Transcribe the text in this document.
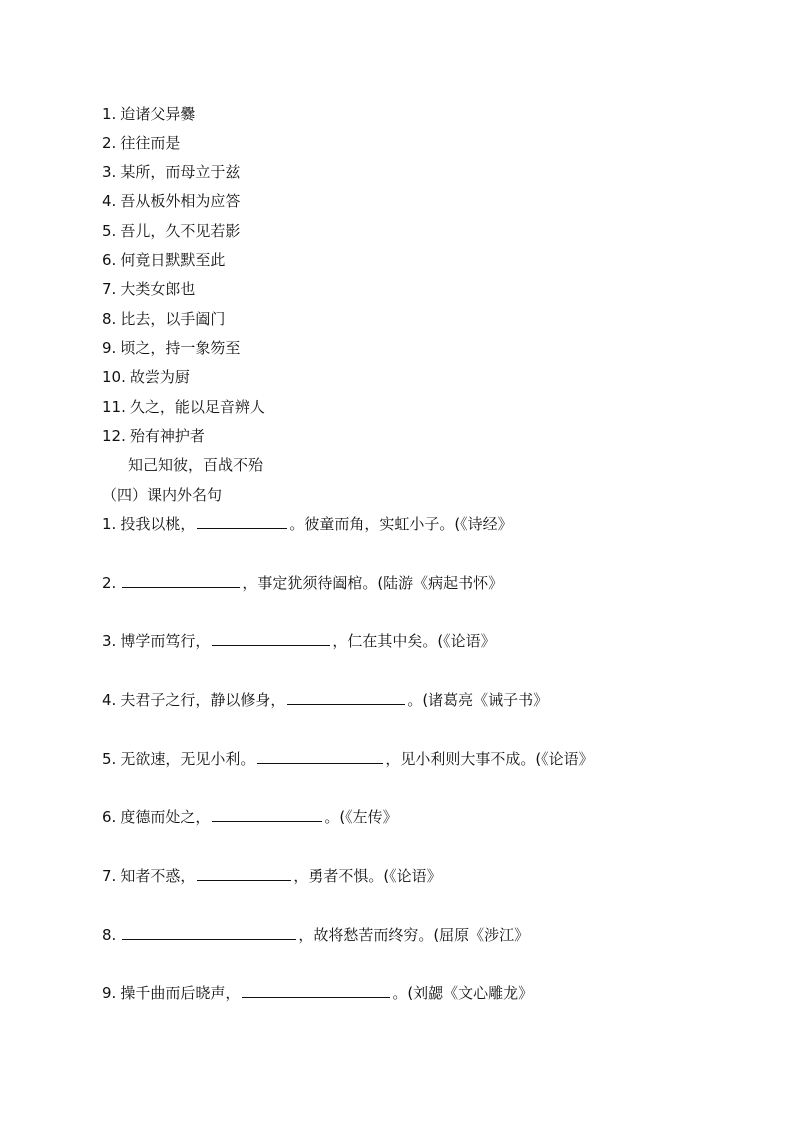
1. 迨诸父异爨
2. 往往而是
3. 某所，而母立于兹
4. 吾从板外相为应答
5. 吾儿，久不见若影
6. 何竟日默默至此
7. 大类女郎也
8. 比去，以手阖门
9. 顷之，持一象笏至
10. 故尝为厨
11. 久之，能以足音辨人
12. 殆有神护者
知己知彼，百战不殆
（四）课内外名句
1. 投我以桃，	。彼童而角，实虹小子。(《诗经》
2.	，事定犹须待阖棺。(陆游《病起书怀》
3. 博学而笃行，	，仁在其中矣。(《论语》
4. 夫君子之行，静以修身，	。(诸葛亮《诫子书》
5. 无欲速，无见小利。	，见小利则大事不成。(《论语》
6. 度德而处之，	。(《左传》
7. 知者不惑，	，勇者不惧。(《论语》
8.	，故将愁苦而终穷。(屈原《涉江》
9. 操千曲而后晓声，	。(刘勰《文心雕龙》
